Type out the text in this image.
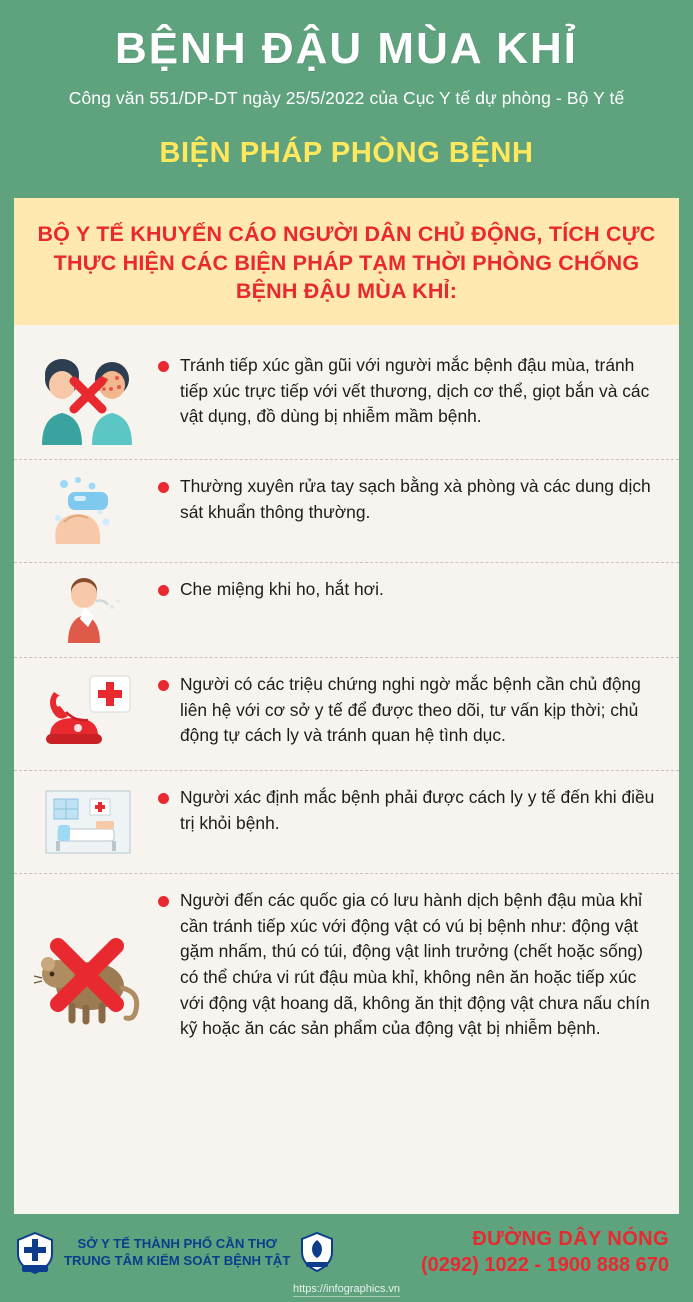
BỆNH ĐẬU MÙA KHỈ
Công văn 551/DP-DT ngày 25/5/2022 của Cục Y tế dự phòng - Bộ Y tế
BIỆN PHÁP PHÒNG BỆNH
BỘ Y TẾ KHUYẾN CÁO NGƯỜI DÂN CHỦ ĐỘNG, TÍCH CỰC THỰC HIỆN CÁC BIỆN PHÁP TẠM THỜI PHÒNG CHỐNG BỆNH ĐẬU MÙA KHỈ:
Tránh tiếp xúc gần gũi với người mắc bệnh đậu mùa, tránh tiếp xúc trực tiếp với vết thương, dịch cơ thể, giọt bắn và các vật dụng, đồ dùng bị nhiễm mầm bệnh.
Thường xuyên rửa tay sạch bằng xà phòng và các dung dịch sát khuẩn thông thường.
Che miệng khi ho, hắt hơi.
Người có các triệu chứng nghi ngờ mắc bệnh cần chủ động liên hệ với cơ sở y tế để được theo dõi, tư vấn kịp thời; chủ động tự cách ly và tránh quan hệ tình dục.
Người xác định mắc bệnh phải được cách ly y tế đến khi điều trị khỏi bệnh.
Người đến các quốc gia có lưu hành dịch bệnh đậu mùa khỉ cần tránh tiếp xúc với động vật có vú bị bệnh như: động vật gặm nhấm, thú có túi, động vật linh trưởng (chết hoặc sống) có thể chứa vi rút đậu mùa khỉ, không nên ăn hoặc tiếp xúc với động vật hoang dã, không ăn thịt động vật chưa nấu chín kỹ hoặc ăn các sản phẩm của động vật bị nhiễm bệnh.
SỞ Y TẾ THÀNH PHỐ CẦN THƠ
TRUNG TÂM KIỂM SOÁT BỆNH TẬT
ĐƯỜNG DÂY NÓNG
(0292) 1022 - 1900 888 670
https://infographics.vn
